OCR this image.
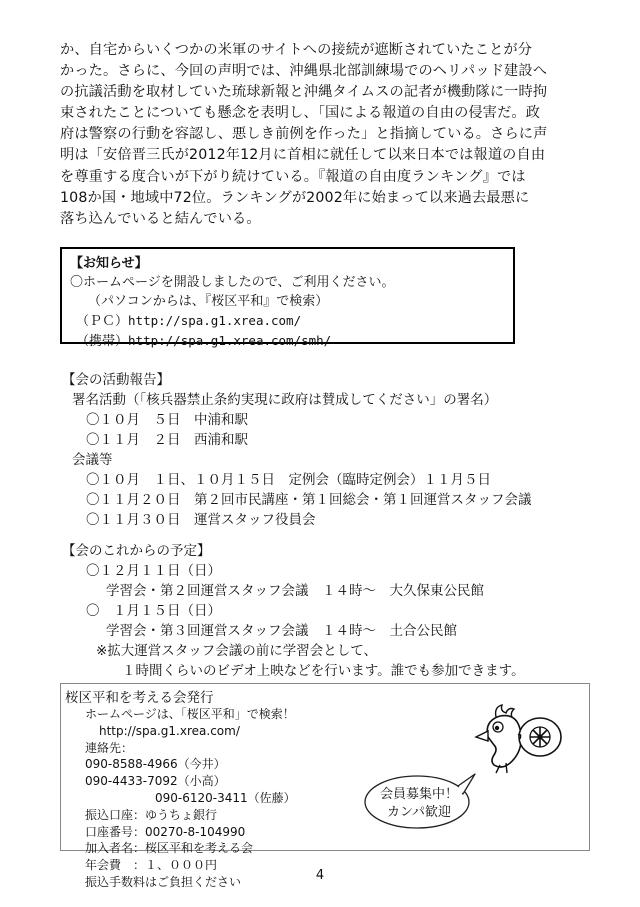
か、自宅からいくつかの米軍のサイトへの接続が遮断されていたことが分
かった。さらに、今回の声明では、沖縄県北部訓練場でのヘリパッド建設へ
の抗議活動を取材していた琉球新報と沖縄タイムスの記者が機動隊に一時拘
束されたことについても懸念を表明し、「国による報道の自由の侵害だ。政
府は警察の行動を容認し、悪しき前例を作った」と指摘している。さらに声
明は「安倍晋三氏が2012年12月に首相に就任して以来日本では報道の自由
を尊重する度合いが下がり続けている。『報道の自由度ランキング』では
108か国・地域中72位。ランキングが2002年に始まって以来過去最悪に
落ち込んでいると結んでいる。
【お知らせ】
〇ホームページを開設しましたので、ご利用ください。
（パソコンからは、『桜区平和』で検索）
（ＰＣ）http://spa.g1.xrea.com/
（携帯）http://spa.g1.xrea.com/smh/
【会の活動報告】
署名活動（「核兵器禁止条約実現に政府は賛成してください」の署名）
〇１０月　５日　中浦和駅
〇１１月　２日　西浦和駅
会議等
〇１０月　１日、１０月１５日　定例会（臨時定例会）１１月５日
〇１１月２０日　第２回市民講座・第１回総会・第１回運営スタッフ会議
〇１１月３０日　運営スタッフ役員会
【会のこれからの予定】
〇１２月１１日（日）
学習会・第２回運営スタッフ会議　１４時～　大久保東公民館
〇　１月１５日（日）
学習会・第３回運営スタッフ会議　１４時～　土合公民館
※拡大運営スタッフ会議の前に学習会として、
１時間くらいのビデオ上映などを行います。誰でも参加できます。
桜区平和を考える会発行
ホームページは、「桜区平和」で検索！
http://spa.g1.xrea.com/
連絡先：
090-8588-4966（今井）
090-4433-7092（小高）
090-6120-3411（佐藤）
振込口座：ゆうちょ銀行
口座番号：00270-8-104990
加入者名：桜区平和を考える会
年会費　：１、０００円
振込手数料はご負担ください
会員募集中！
カンパ歓迎
4
